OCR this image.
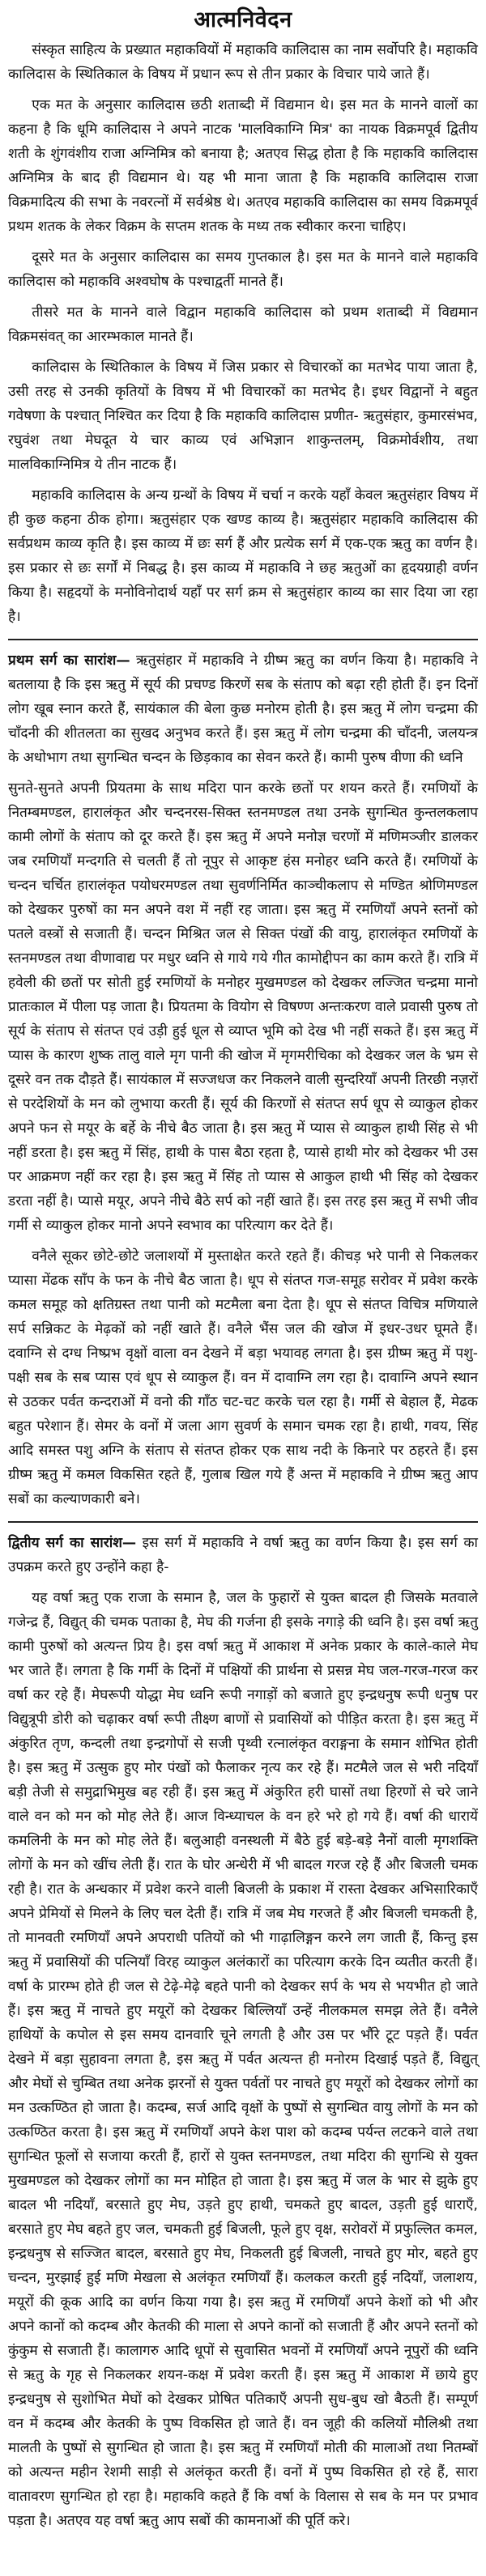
आत्मनिवेदन

संस्कृत साहित्य के प्रख्यात महाकवियों में महाकवि कालिदास का नाम सर्वोपरि है। महाकवि कालिदास के स्थितिकाल के विषय में प्रधान रूप से तीन प्रकार के विचार पाये जाते हैं।

एक मत के अनुसार कालिदास छठी शताब्दी में विद्यमान थे। इस मत के मानने वालों का कहना है कि धूमि कालिदास ने अपने नाटक 'मालविकाग्नि मित्र' का नायक विक्रमपूर्व द्वितीय शती के शुंगवंशीय राजा अग्निमित्र को बनाया है; अतएव सिद्ध होता है कि महाकवि कालिदास अग्निमित्र के बाद ही विद्यमान थे। यह भी माना जाता है कि महाकवि कालिदास राजा विक्रमादित्य की सभा के नवरत्नों में सर्वश्रेष्ठ थे। अतएव महाकवि कालिदास का समय विक्रमपूर्व प्रथम शतक के लेकर विक्रम के सप्तम शतक के मध्य तक स्वीकार करना चाहिए।

दूसरे मत के अनुसार कालिदास का समय गुप्तकाल है। इस मत के मानने वाले महाकवि कालिदास को महाकवि अश्वघोष के पश्चाद्वर्ती मानते हैं।

तीसरे मत के मानने वाले विद्वान महाकवि कालिदास को प्रथम शताब्दी में विद्यमान विक्रमसंवत् का आरम्भकाल मानते हैं।

कालिदास के स्थितिकाल के विषय में जिस प्रकार से विचारकों का मतभेद पाया जाता है, उसी तरह से उनकी कृतियों के विषय में भी विचारकों का मतभेद है। इधर विद्वानों ने बहुत गवेषणा के पश्चात् निश्चित कर दिया है कि महाकवि कालिदास प्रणीत- ऋतुसंहार, कुमारसंभव, रघुवंश तथा मेघदूत ये चार काव्य एवं अभिज्ञान शाकुन्तलम्, विक्रमोर्वशीय, तथा मालविकाग्निमित्र ये तीन नाटक हैं।

महाकवि कालिदास के अन्य ग्रन्थों के विषय में चर्चा न करके यहाँ केवल ऋतुसंहार विषय में ही कुछ कहना ठीक होगा। ऋतुसंहार एक खण्ड काव्य है। ऋतुसंहार महाकवि कालिदास की सर्वप्रथम काव्य कृति है। इस काव्य में छः सर्ग हैं और प्रत्येक सर्ग में एक-एक ऋतु का वर्णन है। इस प्रकार से छः सर्गों में निबद्ध है। इस काव्य में महाकवि ने छह ऋतुओं का हृदयग्राही वर्णन किया है। सहृदयों के मनोविनोदार्थ यहाँ पर सर्ग क्रम से ऋतुसंहार काव्य का सार दिया जा रहा है।

प्रथम सर्ग का सारांश— ऋतुसंहार में महाकवि ने ग्रीष्म ऋतु का वर्णन किया है। महाकवि ने बतलाया है कि इस ऋतु में सूर्य की प्रचण्ड किरणें सब के संताप को बढ़ा रही होती हैं। इन दिनों लोग खूब स्नान करते हैं, सायंकाल की बेला कुछ मनोरम होती है। इस ऋतु में लोग चन्द्रमा की चाँदनी की शीतलता का सुखद अनुभव करते हैं। इस ऋतु में लोग चन्द्रमा की चाँदनी, जलयन्त्र के अधोभाग तथा सुगन्धित चन्दन के छिड़काव का सेवन करते हैं। कामी पुरुष वीणा की ध्वनि

सुनते-सुनते अपनी प्रियतमा के साथ मदिरा पान करके छतों पर शयन करते हैं। रमणियों के नितम्बमण्डल, हारालंकृत और चन्दनरस-सिक्त स्तनमण्डल तथा उनके सुगन्धित कुन्तलकलाप कामी लोगों के संताप को दूर करते हैं। इस ऋतु में अपने मनोज्ञ चरणों में मणिमञ्जीर डालकर जब रमणियाँ मन्दगति से चलती हैं तो नूपुर से आकृष्ट हंस मनोहर ध्वनि करते हैं। रमणियों के चन्दन चर्चित हारालंकृत पयोधरमण्डल तथा सुवर्णनिर्मित काञ्चीकलाप से मण्डित श्रोणिमण्डल को देखकर पुरुषों का मन अपने वश में नहीं रह जाता। इस ऋतु में रमणियाँ अपने स्तनों को पतले वस्त्रों से सजाती हैं। चन्दन मिश्रित जल से सिक्त पंखों की वायु, हारालंकृत रमणियों के स्तनमण्डल तथा वीणावाद्य पर मधुर ध्वनि से गाये गये गीत कामोद्दीपन का काम करते हैं। रात्रि में हवेली की छतों पर सोती हुई रमणियों के मनोहर मुखमण्डल को देखकर लज्जित चन्द्रमा मानो प्रातःकाल में पीला पड़ जाता है। प्रियतमा के वियोग से विषण्ण अन्तःकरण वाले प्रवासी पुरुष तो सूर्य के संताप से संतप्त एवं उड़ी हुई धूल से व्याप्त भूमि को देख भी नहीं सकते हैं। इस ऋतु में प्यास के कारण शुष्क तालु वाले मृग पानी की खोज में मृगमरीचिका को देखकर जल के भ्रम से दूसरे वन तक दौड़ते हैं। सायंकाल में सज्जधज कर निकलने वाली सुन्दरियाँ अपनी तिरछी नज़रों से परदेशियों के मन को लुभाया करती हैं। सूर्य की किरणों से संतप्त सर्प धूप से व्याकुल होकर अपने फन से मयूर के बर्हे के नीचे बैठ जाता है। इस ऋतु में प्यास से व्याकुल हाथी सिंह से भी नहीं डरता है। इस ऋतु में सिंह, हाथी के पास बैठा रहता है, प्यासे हाथी मोर को देखकर भी उस पर आक्रमण नहीं कर रहा है। इस ऋतु में सिंह तो प्यास से आकुल हाथी भी सिंह को देखकर डरता नहीं है। प्यासे मयूर, अपने नीचे बैठे सर्प को नहीं खाते हैं। इस तरह इस ऋतु में सभी जीव गर्मी से व्याकुल होकर मानो अपने स्वभाव का परित्याग कर देते हैं।

वनैले सूकर छोटे-छोटे जलाशयों में मुस्ताक्षेत करते रहते हैं। कीचड़ भरे पानी से निकलकर प्यासा मेंढक साँप के फन के नीचे बैठ जाता है। धूप से संतप्त गज-समूह सरोवर में प्रवेश करके कमल समूह को क्षतिग्रस्त तथा पानी को मटमैला बना देता है। धूप से संतप्त विचित्र मणियाले सर्प सन्निकट के मेढ़कों को नहीं खाते हैं। वनैले भैंस जल की खोज में इधर-उधर घूमते हैं। दवाग्नि से दग्ध निष्प्रभ वृक्षों वाला वन देखने में बड़ा भयावह लगता है। इस ग्रीष्म ऋतु में पशु-पक्षी सब के सब प्यास एवं धूप से व्याकुल हैं। वन में दावाग्नि लग रहा है। दावाग्नि अपने स्थान से उठकर पर्वत कन्दराओं में वनो की गाँठ चट-चट करके चल रहा है। गर्मी से बेहाल हैं, मेढक बहुत परेशान हैं। सेमर के वनों में जला आग सुवर्ण के समान चमक रहा है। हाथी, गवय, सिंह आदि समस्त पशु अग्नि के संताप से संतप्त होकर एक साथ नदी के किनारे पर ठहरते हैं। इस ग्रीष्म ऋतु में कमल विकसित रहते हैं, गुलाब खिल गये हैं अन्त में महाकवि ने ग्रीष्म ऋतु आप सबों का कल्याणकारी बने।

द्वितीय सर्ग का सारांश— इस सर्ग में महाकवि ने वर्षा ऋतु का वर्णन किया है। इस सर्ग का उपक्रम करते हुए उन्होंने कहा है-

यह वर्षा ऋतु एक राजा के समान है, जल के फुहारों से युक्त बादल ही जिसके मतवाले गजेन्द्र हैं, विद्युत् की चमक पताका है, मेघ की गर्जना ही इसके नगाड़े की ध्वनि है। इस वर्षा ऋतु कामी पुरुषों को अत्यन्त प्रिय है। इस वर्षा ऋतु में आकाश में अनेक प्रकार के काले-काले मेघ भर जाते हैं। लगता है कि गर्मी के दिनों में पक्षियों की प्रार्थना से प्रसन्न मेघ जल-गरज-गरज कर वर्षा कर रहे हैं। मेघरूपी योद्धा मेघ ध्वनि रूपी नगाड़ों को बजाते हुए इन्द्रधनुष रूपी धनुष पर विद्युत्रूपी डोरी को चढ़ाकर वर्षा रूपी तीक्ष्ण बाणों से प्रवासियों को पीड़ित करता है। इस ऋतु में अंकुरित तृण, कन्दली तथा इन्द्रगोपों से सजी पृथ्वी रत्नालंकृत वराङ्गना के समान शोभित होती है। इस ऋतु में उत्सुक हुए मोर पंखों को फैलाकर नृत्य कर रहे हैं। मटमैले जल से भरी नदियाँ बड़ी तेजी से समुद्राभिमुख बह रही हैं। इस ऋतु में अंकुरित हरी घासों तथा हिरणों से चरे जाने वाले वन को मन को मोह लेते हैं। आज विन्ध्याचल के वन हरे भरे हो गये हैं। वर्षा की धारायें कमलिनी के मन को मोह लेते हैं। बलुआही वनस्थली में बैठे हुई बड़े-बड़े नैनों वाली मृगशक्ति लोगों के मन को खींच लेती हैं। रात के घोर अन्धेरी में भी बादल गरज रहे हैं और बिजली चमक रही है। रात के अन्धकार में प्रवेश करने वाली बिजली के प्रकाश में रास्ता देखकर अभिसारिकाएँ अपने प्रेमियों से मिलने के लिए चल देती हैं। रात्रि में जब मेघ गरजते हैं और बिजली चमकती है, तो मानवती रमणियाँ अपने अपराधी पतियों को भी गाढ़ालिङ्गन करने लग जाती हैं, किन्तु इस ऋतु में प्रवासियों की पत्नियाँ विरह व्याकुल अलंकारों का परित्याग करके दिन व्यतीत करती हैं। वर्षा के प्रारम्भ होते ही जल से टेढ़े-मेढ़े बहते पानी को देखकर सर्प के भय से भयभीत हो जाते हैं। इस ऋतु में नाचते हुए मयूरों को देखकर बिल्लियाँ उन्हें नीलकमल समझ लेते हैं। वनैले हाथियों के कपोल से इस समय दानवारि चूने लगती है और उस पर भौंरे टूट पड़ते हैं। पर्वत देखने में बड़ा सुहावना लगता है, इस ऋतु में पर्वत अत्यन्त ही मनोरम दिखाई पड़ते हैं, विद्युत् और मेघों से चुम्बित तथा अनेक झरनों से युक्त पर्वतों पर नाचते हुए मयूरों को देखकर लोगों का मन उत्कण्ठित हो जाता है। कदम्ब, सर्ज आदि वृक्षों के पुष्पों से सुगन्धित वायु लोगों के मन को उत्कण्ठित करता है। इस ऋतु में रमणियाँ अपने केश पाश को कदम्ब पर्यन्त लटकने वाले तथा सुगन्धित फूलों से सजाया करती हैं, हारों से युक्त स्तनमण्डल, तथा मदिरा की सुगन्धि से युक्त मुखमण्डल को देखकर लोगों का मन मोहित हो जाता है। इस ऋतु में जल के भार से झुके हुए बादल भी नदियाँ, बरसाते हुए मेघ, उड़ते हुए हाथी, चमकते हुए बादल, उड़ती हुई धाराएँ, बरसाते हुए मेघ बहते हुए जल, चमकती हुई बिजली, फूले हुए वृक्ष, सरोवरों में प्रफुल्लित कमल, इन्द्रधनुष से सज्जित बादल, बरसाते हुए मेघ, निकलती हुई बिजली, नाचते हुए मोर, बहते हुए चन्दन, मुरझाई हुई मणि मेखला से अलंकृत रमणियाँ हैं। कलकल करती हुई नदियाँ, जलाशय, मयूरों की कूक आदि का वर्णन किया गया है। इस ऋतु में रमणियाँ अपने केशों को भी और अपने कानों को कदम्ब और केतकी की माला से अपने कानों को सजाती हैं और अपने स्तनों को कुंकुम से सजाती हैं। कालागरु आदि धूपों से सुवासित भवनों में रमणियाँ अपने नूपुरों की ध्वनि से ऋतु के गृह से निकलकर शयन-कक्ष में प्रवेश करती हैं। इस ऋतु में आकाश में छाये हुए इन्द्रधनुष से सुशोभित मेघों को देखकर प्रोषित पतिकाएँ अपनी सुध-बुध खो बैठती हैं। सम्पूर्ण वन में कदम्ब और केतकी के पुष्प विकसित हो जाते हैं। वन जूही की कलियों मौलिश्री तथा मालती के पुष्पों से सुगन्धित हो जाता है। इस ऋतु में रमणियाँ मोती की मालाओं तथा नितम्बों को अत्यन्त महीन रेशमी साड़ी से अलंकृत करती हैं। वनों में पुष्प विकसित हो रहे हैं, सारा वातावरण सुगन्धित हो रहा है। महाकवि कहते हैं कि वर्षा के विलास से सब के मन पर प्रभाव पड़ता है। अतएव यह वर्षा ऋतु आप सबों की कामनाओं की पूर्ति करे।
